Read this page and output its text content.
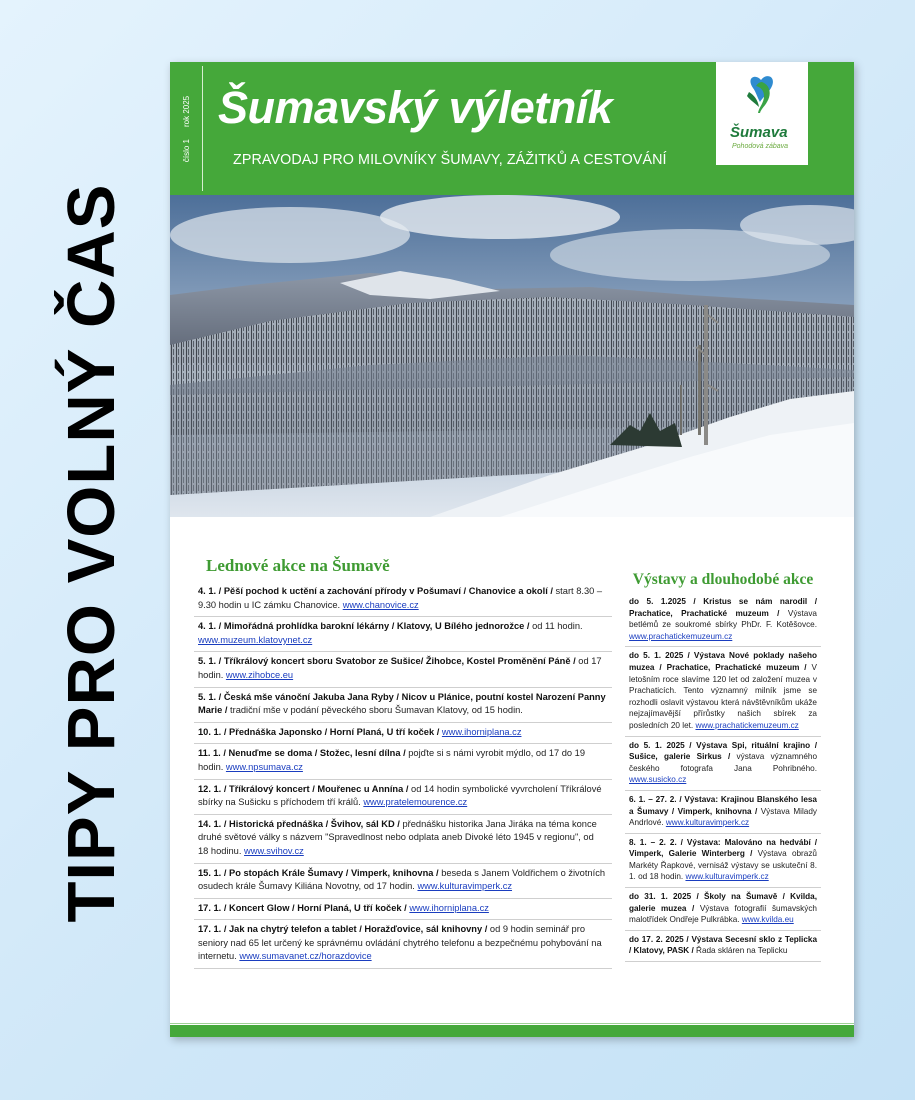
TIPY PRO VOLNÝ ČAS
číslo 1rok 2025 Šumavský výletník
ZPRAVODAJ PRO MILOVNÍKY ŠUMAVY, ZÁŽITKŮ A CESTOVÁNÍ
Šumava
Pohodová zábava
Lednové akce na Šumavě
4. 1. / Pěší pochod k uctění a zachování přírody v Pošumaví / Chanovice a okolí / start 8.30 – 9.30 hodin u IC zámku Chanovice. www.chanovice.cz
4. 1. / Mimořádná prohlídka barokní lékárny / Klatovy, U Bílého jednorožce / od 11 hodin. www.muzeum.klatovynet.cz
5. 1. / Tříkrálový koncert sboru Svatobor ze Sušice/ Žihobce, Kostel Proměnění Páně / od 17 hodin. www.zihobce.eu
5. 1. / Česká mše vánoční Jakuba Jana Ryby / Nicov u Plánice, poutní kostel Narození Panny Marie / tradiční mše v podání pěveckého sboru Šumavan Klatovy, od 15 hodin.
10. 1. / Přednáška Japonsko / Horní Planá, U tří koček / www.ihorniplana.cz
11. 1. / Nenuďme se doma / Stožec, lesní dílna / pojďte si s námi vyrobit mýdlo, od 17 do 19 hodin. www.npsumava.cz
12. 1. / Tříkrálový koncert / Mouřenec u Annína / od 14 hodin symbolické vyvrcholení Tříkrálové sbírky na Sušicku s příchodem tří králů. www.pratelemourence.cz
14. 1. / Historická přednáška / Švihov, sál KD / přednášku historika Jana Jiráka na téma konce druhé světové války s názvem "Spravedlnost nebo odplata aneb Divoké léto 1945 v regionu", od 18 hodinu. www.svihov.cz
15. 1. / Po stopách Krále Šumavy / Vimperk, knihovna / beseda s Janem Voldřichem o životních osudech krále Šumavy Kiliána Novotny, od 17 hodin. www.kulturavimperk.cz
17. 1. / Koncert Glow / Horní Planá, U tří koček / www.ihorniplana.cz
17. 1. / Jak na chytrý telefon a tablet / Horažďovice, sál knihovny / od 9 hodin seminář pro seniory nad 65 let určený ke správnému ovládání chytrého telefonu a bezpečnému pohybování na internetu. www.sumavanet.cz/horazdovice
Výstavy a dlouhodobé akce
do 5. 1.2025 / Kristus se nám narodil / Prachatice, Prachatické muzeum / Výstava betlémů ze soukromé sbírky PhDr. F. Kotěšovce. www.prachatickemuzeum.cz
do 5. 1. 2025 / Výstava Nové poklady našeho muzea / Prachatice, Prachatické muzeum / V letošním roce slavíme 120 let od založení muzea v Prachaticích. Tento významný milník jsme se rozhodli oslavit výstavou která návštěvníkům ukáže nejzajímavější přírůstky našich sbírek za posledních 20 let. www.prachatickemuzeum.cz
do 5. 1. 2025 / Výstava Spi, rituální krajino / Sušice, galerie Sirkus / výstava významného českého fotografa Jana Pohribného. www.susicko.cz
6. 1. – 27. 2. / Výstava: Krajinou Blanského lesa a Šumavy / Vimperk, knihovna / Výstava Milady Andrlové. www.kulturavimperk.cz
8. 1. – 2. 2. / Výstava: Malováno na hedvábí / Vimperk, Galerie Winterberg / Výstava obrazů Markéty Řapkové, vernisáž výstavy se uskuteční 8. 1. od 18 hodin. www.kulturavimperk.cz
do 31. 1. 2025 / Školy na Šumavě / Kvilda, galerie muzea / Výstava fotografií šumavských malotřídek Ondřeje Pulkrábka. www.kvilda.eu
do 17. 2. 2025 / Výstava Secesní sklo z Teplicka / Klatovy, PASK / Řada skláren na Teplicku
